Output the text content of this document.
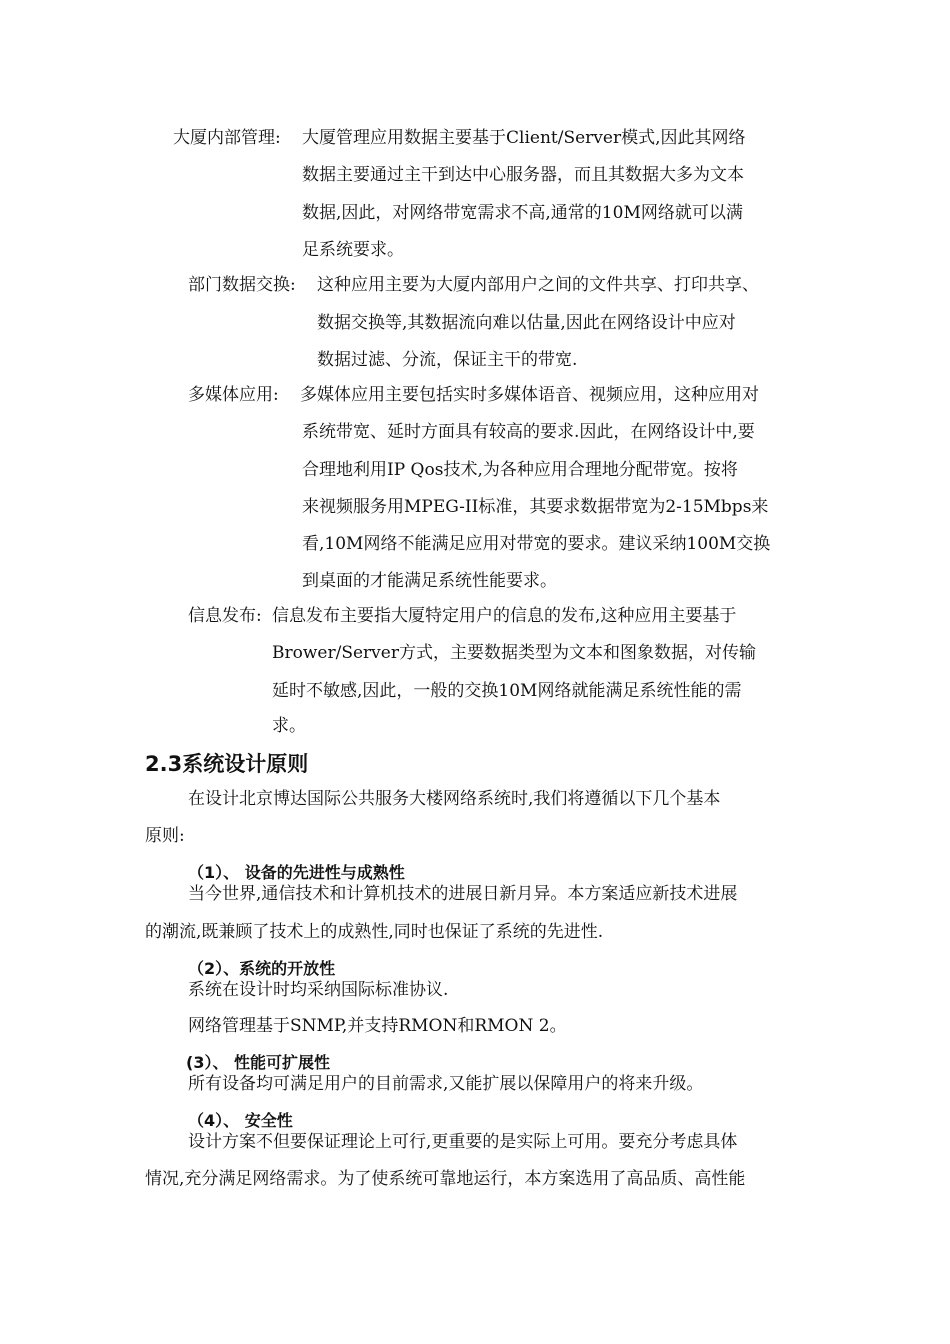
大厦内部管理: 大厦管理应用数据主要基于Client/Server模式,因此其网络
数据主要通过主干到达中心服务器，而且其数据大多为文本
数据,因此，对网络带宽需求不高,通常的10M网络就可以满
足系统要求。
部门数据交换: 这种应用主要为大厦内部用户之间的文件共享、打印共享、
数据交换等,其数据流向难以估量,因此在网络设计中应对
数据过滤、分流，保证主干的带宽.
多媒体应用: 多媒体应用主要包括实时多媒体语音、视频应用，这种应用对
系统带宽、延时方面具有较高的要求.因此，在网络设计中,要
合理地利用IP Qos技术,为各种应用合理地分配带宽。按将
来视频服务用MPEG-II标准，其要求数据带宽为2-15Mbps来
看,10M网络不能满足应用对带宽的要求。建议采纳100M交换
到桌面的才能满足系统性能要求。
信息发布: 信息发布主要指大厦特定用户的信息的发布,这种应用主要基于
Brower/Server方式，主要数据类型为文本和图象数据，对传输
延时不敏感,因此，一般的交换10M网络就能满足系统性能的需
求。
2.3系统设计原则
在设计北京博达国际公共服务大楼网络系统时,我们将遵循以下几个基本
原则:
（1）、 设备的先进性与成熟性
当今世界,通信技术和计算机技术的进展日新月异。本方案适应新技术进展
的潮流,既兼顾了技术上的成熟性,同时也保证了系统的先进性.
（2）、系统的开放性
系统在设计时均采纳国际标准协议.
网络管理基于SNMP,并支持RMON和RMON 2。
(3）、 性能可扩展性
所有设备均可满足用户的目前需求,又能扩展以保障用户的将来升级。
（4）、 安全性
设计方案不但要保证理论上可行,更重要的是实际上可用。要充分考虑具体
情况,充分满足网络需求。为了使系统可靠地运行，本方案选用了高品质、高性能
